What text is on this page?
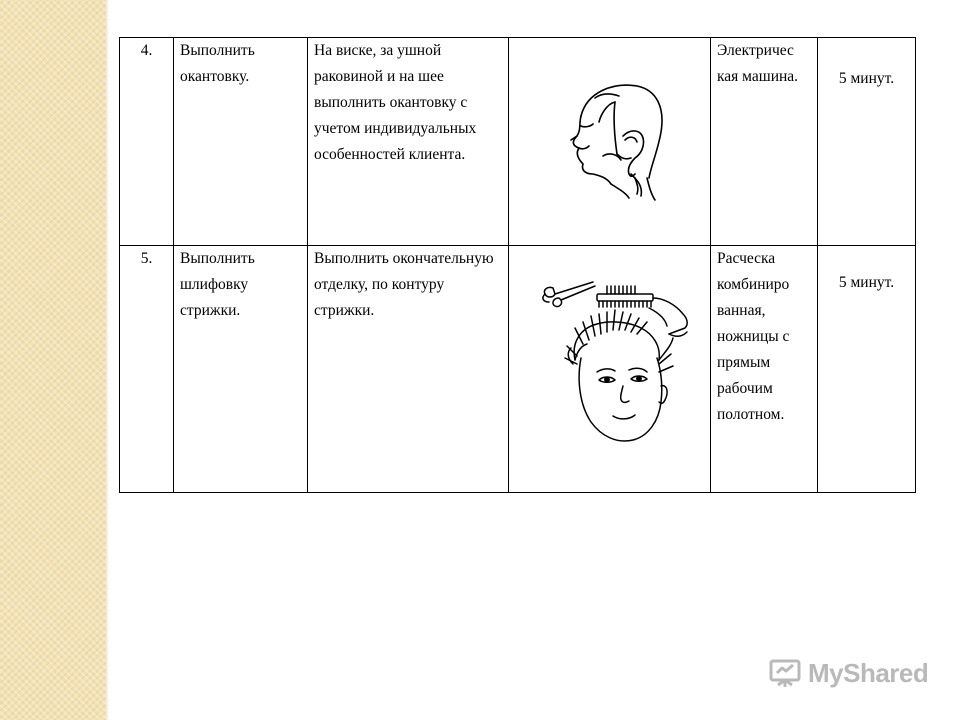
4.	Выполнить окантовку.	На виске, за ушной раковиной и на шее выполнить окантовку с учетом индивидуальных особенностей клиента.		Электричес кая машина.	5 минут.

5.	Выполнить шлифовку стрижки.	Выполнить окончательную отделку, по контуру стрижки.		Расческа комбиниро ванная, ножницы с прямым рабочим полотном.	5 минут.
MyShared
